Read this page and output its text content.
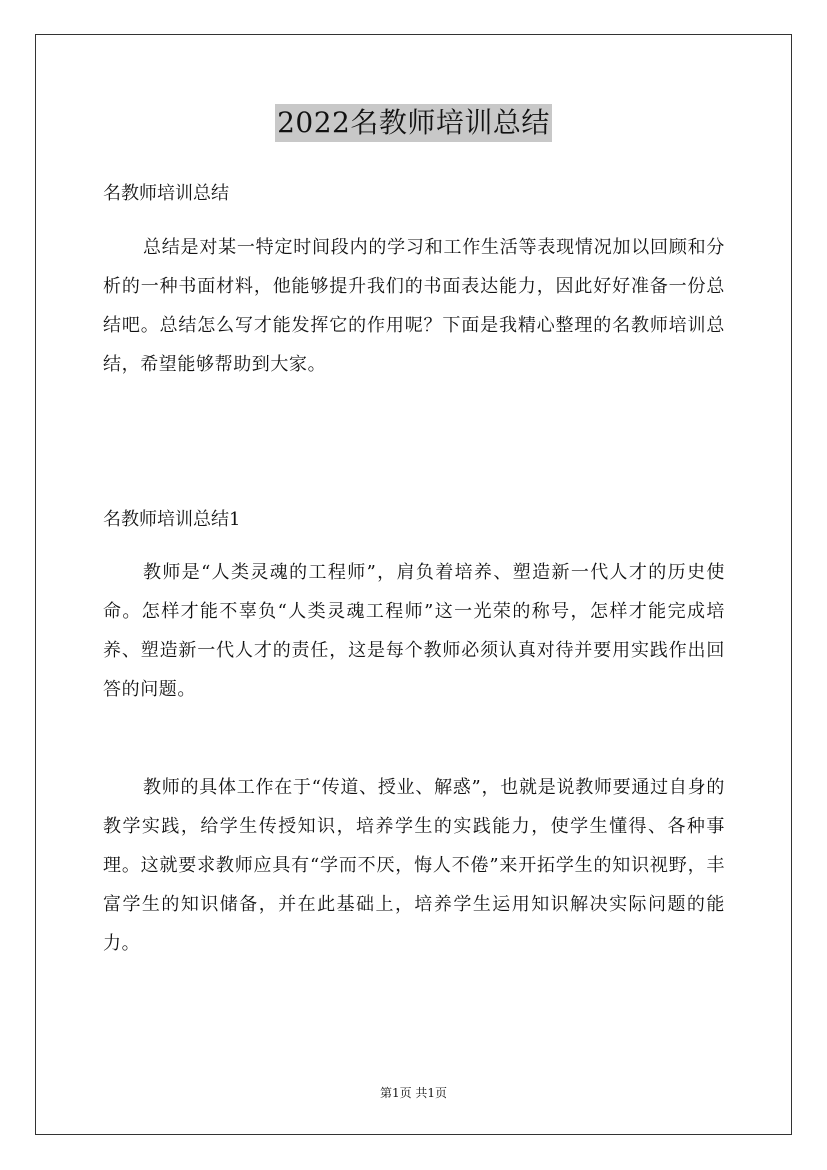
2022名教师培训总结
名教师培训总结

总结是对某一特定时间段内的学习和工作生活等表现情况加以回顾和分析的一种书面材料，他能够提升我们的书面表达能力，因此好好准备一份总结吧。总结怎么写才能发挥它的作用呢？下面是我精心整理的名教师培训总结，希望能够帮助到大家。

名教师培训总结1

教师是“人类灵魂的工程师”，肩负着培养、塑造新一代人才的历史使命。怎样才能不辜负“人类灵魂工程师”这一光荣的称号，怎样才能完成培养、塑造新一代人才的责任，这是每个教师必须认真对待并要用实践作出回答的问题。

教师的具体工作在于“传道、授业、解惑”，也就是说教师要通过自身的教学实践，给学生传授知识，培养学生的实践能力，使学生懂得、各种事理。这就要求教师应具有“学而不厌，悔人不倦”来开拓学生的知识视野，丰富学生的知识储备，并在此基础上，培养学生运用知识解决实际问题的能力。

第1页 共1页
